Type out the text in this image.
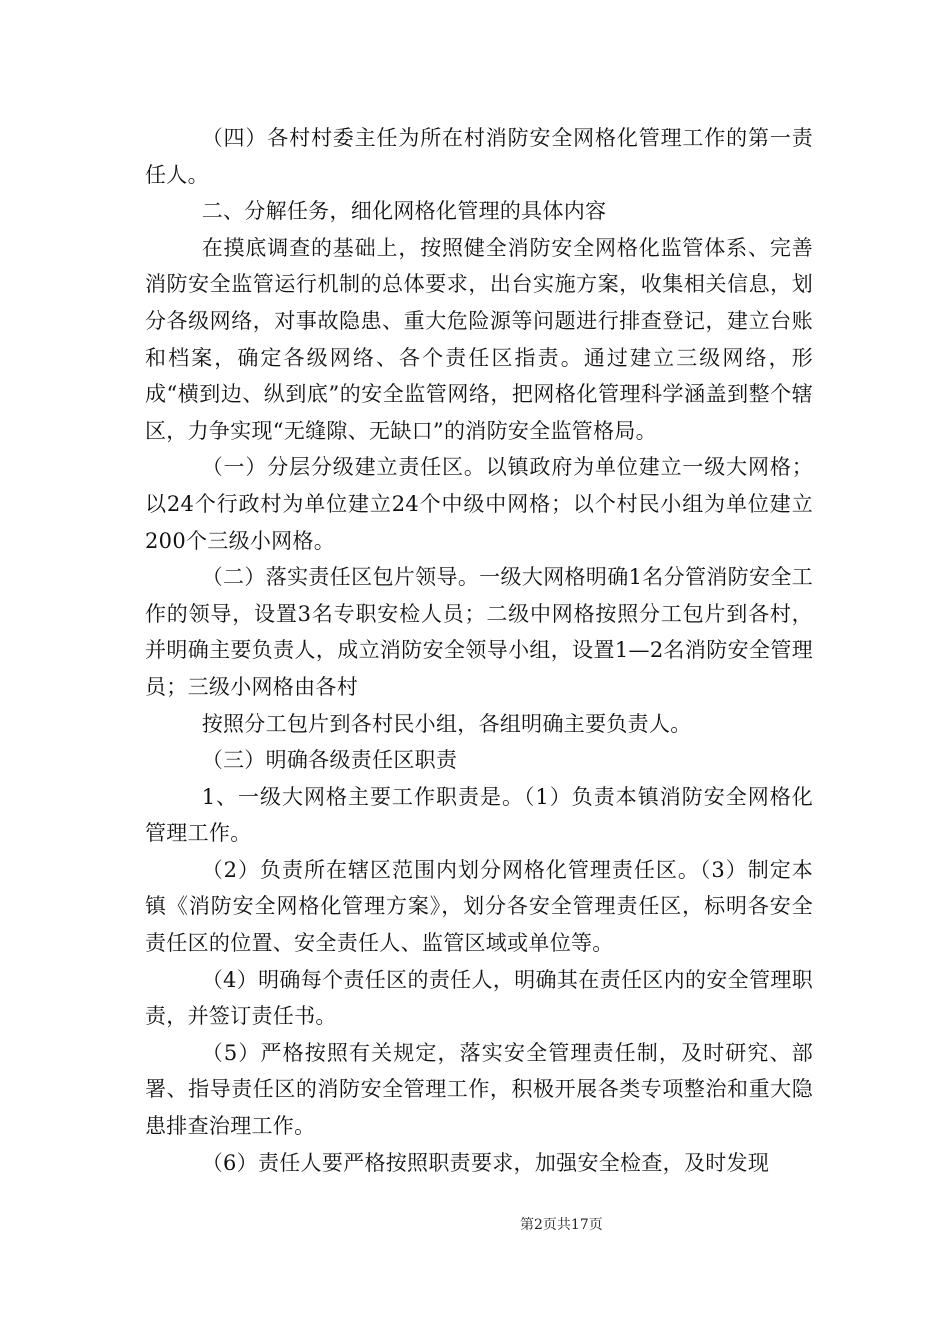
（四）各村村委主任为所在村消防安全网格化管理工作的第一责任人。

二、分解任务，细化网格化管理的具体内容

在摸底调查的基础上，按照健全消防安全网格化监管体系、完善消防安全监管运行机制的总体要求，出台实施方案，收集相关信息，划分各级网络，对事故隐患、重大危险源等问题进行排查登记，建立台账和档案，确定各级网络、各个责任区指责。通过建立三级网络，形成“横到边、纵到底”的安全监管网络，把网格化管理科学涵盖到整个辖区，力争实现“无缝隙、无缺口”的消防安全监管格局。

（一）分层分级建立责任区。以镇政府为单位建立一级大网格；以24个行政村为单位建立24个中级中网格；以个村民小组为单位建立200个三级小网格。

（二）落实责任区包片领导。一级大网格明确1名分管消防安全工作的领导，设置3名专职安检人员；二级中网格按照分工包片到各村，并明确主要负责人，成立消防安全领导小组，设置1—2名消防安全管理员；三级小网格由各村

按照分工包片到各村民小组，各组明确主要负责人。

（三）明确各级责任区职责

1、一级大网格主要工作职责是。（1）负责本镇消防安全网格化管理工作。

（2）负责所在辖区范围内划分网格化管理责任区。（3）制定本镇《消防安全网格化管理方案》，划分各安全管理责任区，标明各安全责任区的位置、安全责任人、监管区域或单位等。

（4）明确每个责任区的责任人，明确其在责任区内的安全管理职责，并签订责任书。

（5）严格按照有关规定，落实安全管理责任制，及时研究、部署、指导责任区的消防安全管理工作，积极开展各类专项整治和重大隐患排查治理工作。

（6）责任人要严格按照职责要求，加强安全检查，及时发现

第2页共17页
